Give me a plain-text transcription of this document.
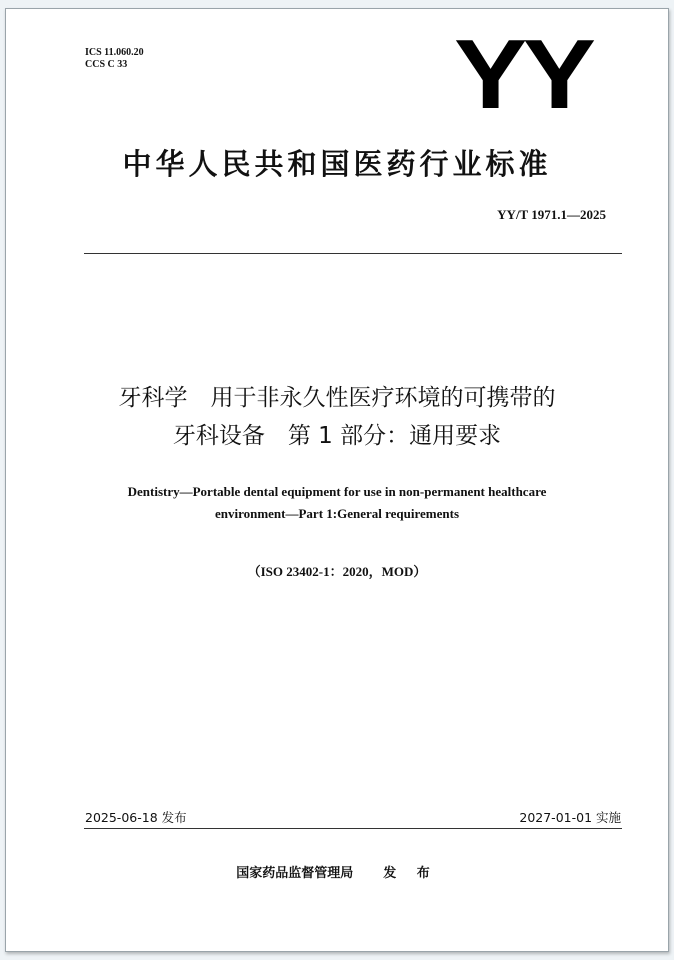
ICS 11.060.20
CCS C 33	YY
中华人民共和国医药行业标准
YY/T 1971.1—2025
牙科学　用于非永久性医疗环境的可携带的
牙科设备　第 1 部分：通用要求
Dentistry—Portable dental equipment for use in non-permanent healthcare
environment—Part 1:General requirements
（ISO 23402-1：2020，MOD）
2025-06-18 发布	2027-01-01 实施
国家药品监督管理局 发 布
